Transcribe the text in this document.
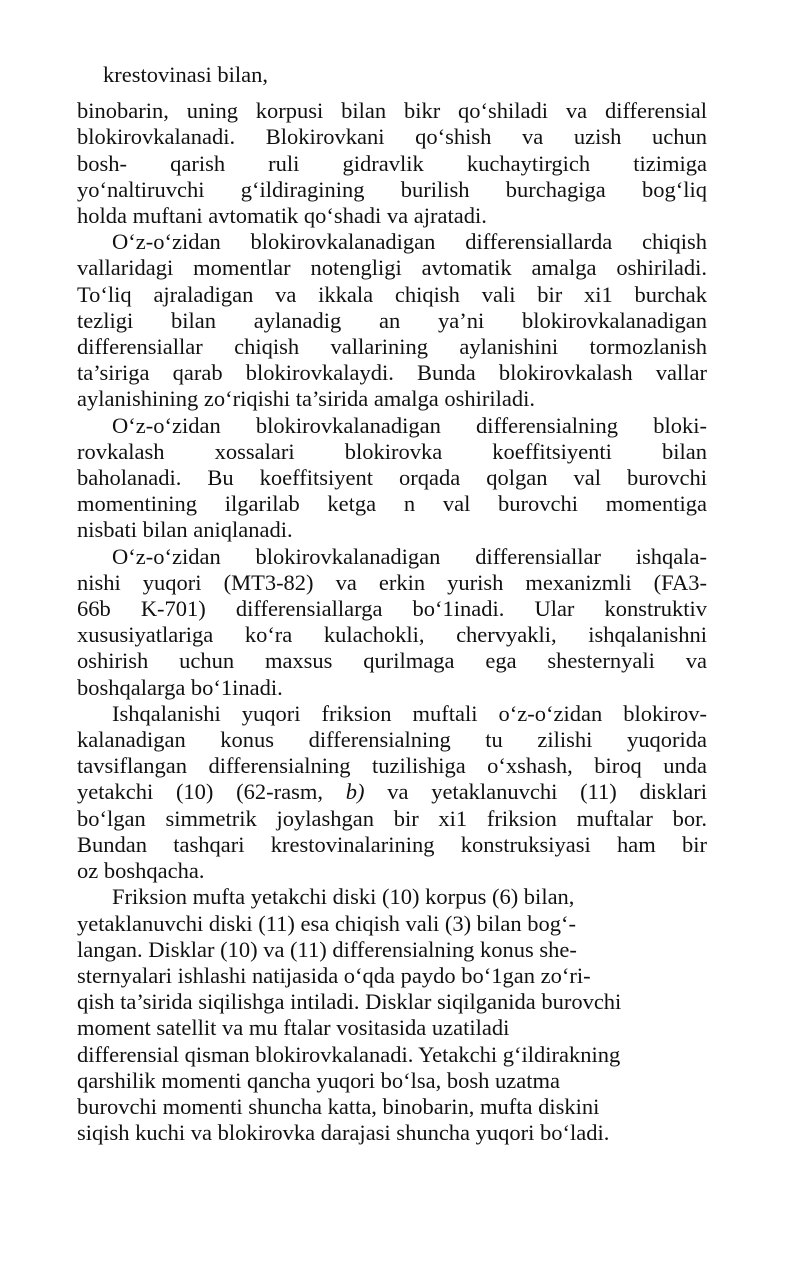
krestovinasi bilan,
binobarin, uning korpusi bilan bikr qo‘shiladi va differensial
blokirovkalanadi. Blokirovkani qo‘shish va uzish uchun
bosh- qarish ruli gidravlik kuchaytirgich tizimiga
yo‘naltiruvchi g‘ildiragining burilish burchagiga bog‘liq
holda muftani avtomatik qo‘shadi va ajratadi.
O‘z-o‘zidan blokirovkalanadigan differensiallarda chiqish
vallaridagi momentlar notengligi avtomatik amalga oshiriladi.
To‘liq ajraladigan va ikkala chiqish vali bir xi1 burchak
tezligi bilan aylanadig an ya’ni blokirovkalanadigan
differensiallar chiqish vallarining aylanishini tormozlanish
ta’siriga qarab blokirovkalaydi. Bunda blokirovkalash vallar
aylanishining zo‘riqishi ta’sirida amalga oshiriladi.
O‘z-o‘zidan blokirovkalanadigan differensialning bloki-
rovkalash xossalari blokirovka koeffitsiyenti bilan
baholanadi. Bu koeffitsiyent orqada qolgan val burovchi
momentining ilgarilab ketga n val burovchi momentiga
nisbati bilan aniqlanadi.
O‘z-o‘zidan blokirovkalanadigan differensiallar ishqala-
nishi yuqori (MT3-82) va erkin yurish mexanizmli (FA3-
66b K-701) differensiallarga bo‘1inadi. Ular konstruktiv
xususiyatlariga ko‘ra kulachokli, chervyakli, ishqalanishni
oshirish uchun maxsus qurilmaga ega shesternyali va
boshqalarga bo‘1inadi.
Ishqalanishi yuqori friksion muftali o‘z-o‘zidan blokirov-
kalanadigan konus differensialning tu zilishi yuqorida
tavsiflangan differensialning tuzilishiga o‘xshash, biroq unda
yetakchi (10) (62-rasm, b) va yetaklanuvchi (11) disklari
bo‘lgan simmetrik joylashgan bir xi1 friksion muftalar bor.
Bundan tashqari krestovinalarining konstruksiyasi ham bir
oz boshqacha.
Friksion mufta yetakchi diski (10) korpus (6) bilan,
yetaklanuvchi diski (11) esa chiqish vali (3) bilan bog‘-
langan. Disklar (10) va (11) differensialning konus she-
sternyalari ishlashi natijasida o‘qda paydo bo‘1gan zo‘ri-
qish ta’sirida siqilishga intiladi. Disklar siqilganida burovchi
moment satellit va mu ftalar vositasida uzatiladi
differensial qisman blokirovkalanadi. Yetakchi g‘ildirakning
qarshilik momenti qancha yuqori bo‘lsa, bosh uzatma
burovchi momenti shuncha katta, binobarin, mufta diskini
siqish kuchi va blokirovka darajasi shuncha yuqori bo‘ladi.
